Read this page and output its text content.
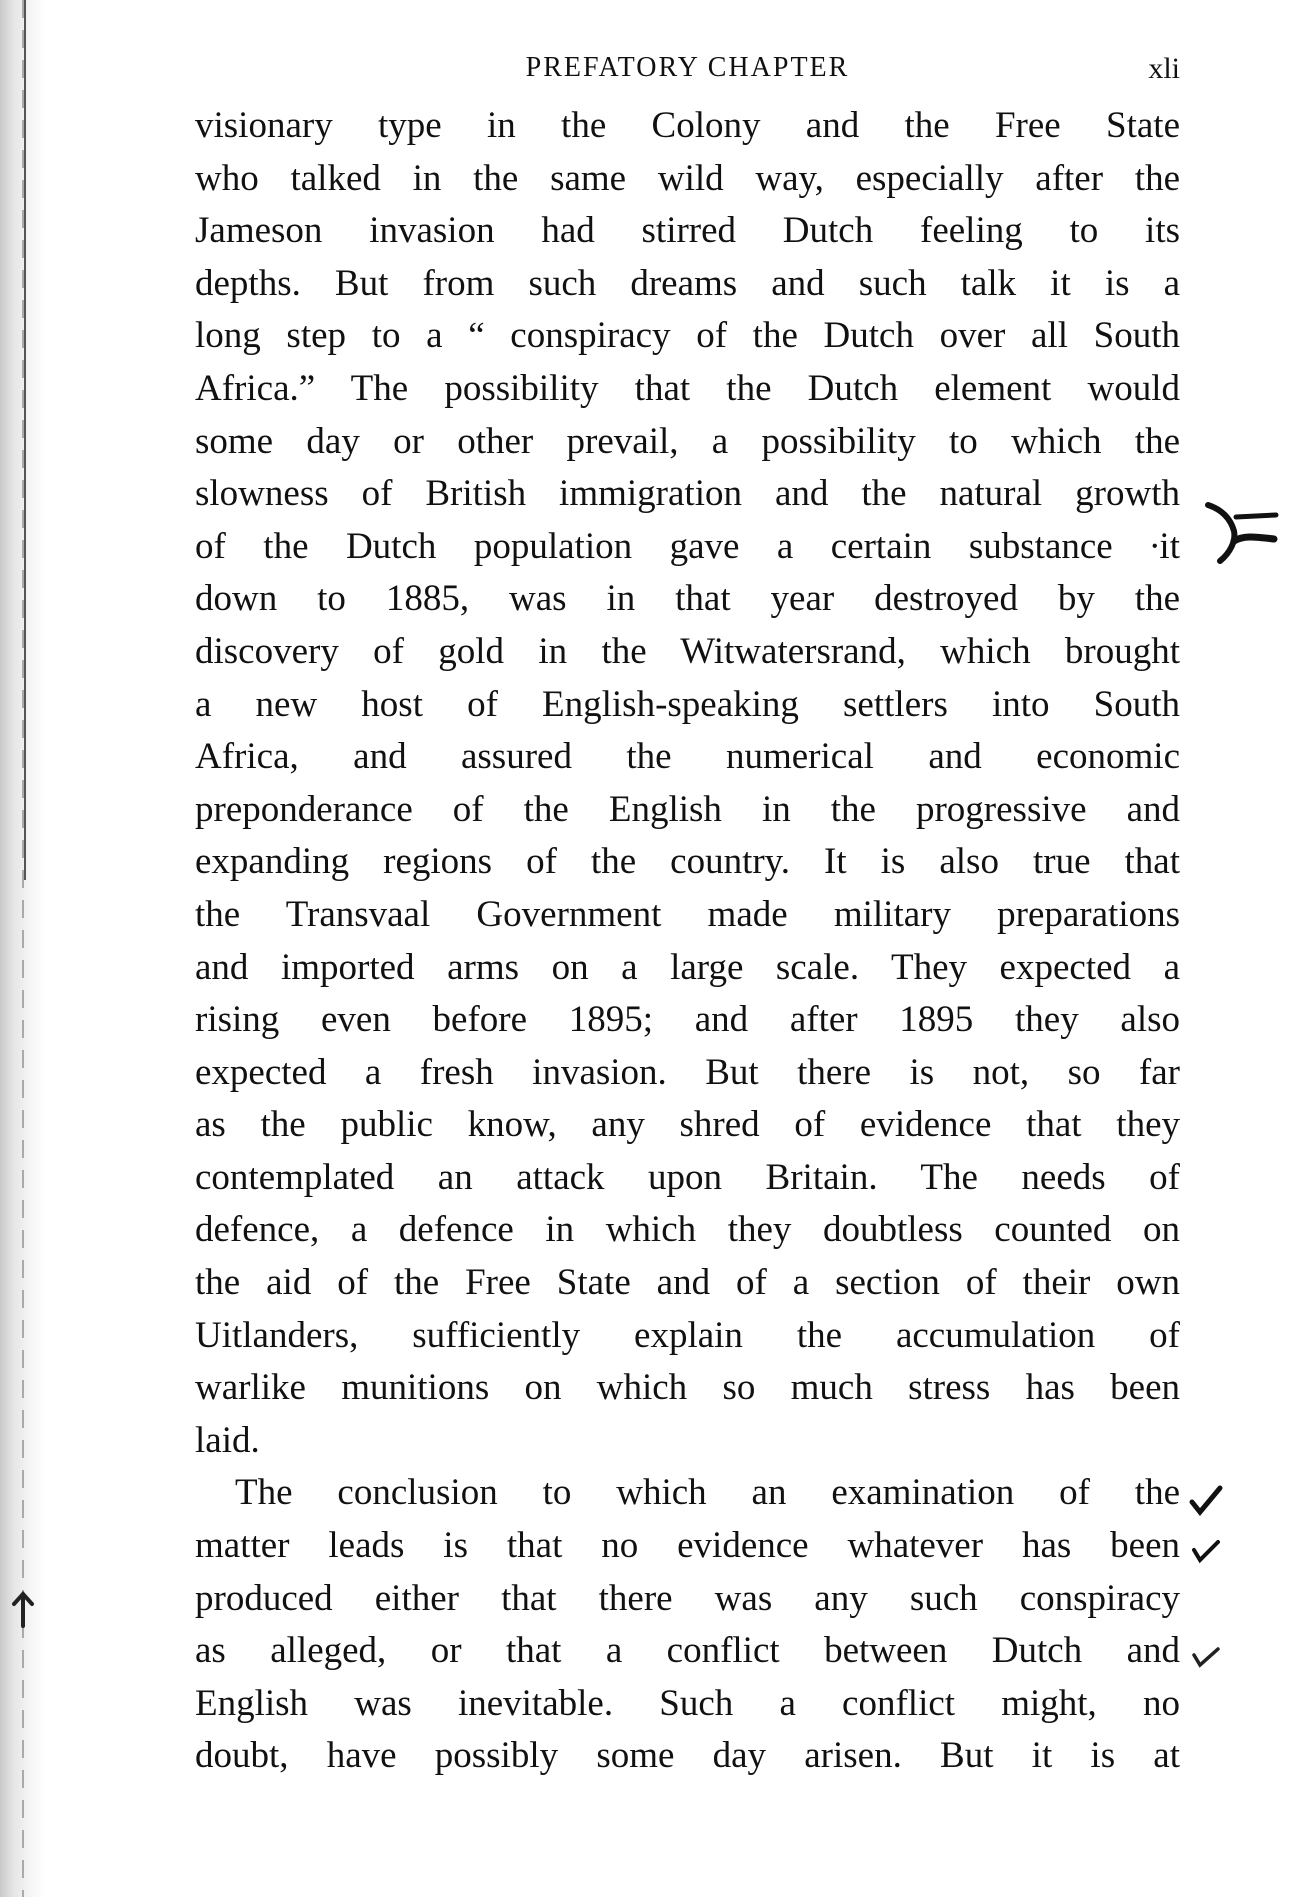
PREFATORY CHAPTER	xli
visionary type in the Colony and the Free State
who talked in the same wild way, especially after the
Jameson invasion had stirred Dutch feeling to its
depths. But from such dreams and such talk it is a
long step to a “ conspiracy of the Dutch over all South
Africa.” The possibility that the Dutch element would
some day or other prevail, a possibility to which the
slowness of British immigration and the natural growth
of the Dutch population gave a certain substance ∙it
down to 1885, was in that year destroyed by the
discovery of gold in the Witwatersrand, which brought
a new host of English-speaking settlers into South
Africa, and assured the numerical and economic
preponderance of the English in the progressive and
expanding regions of the country. It is also true that
the Transvaal Government made military preparations
and imported arms on a large scale. They expected a
rising even before 1895; and after 1895 they also
expected a fresh invasion. But there is not, so far
as the public know, any shred of evidence that they
contemplated an attack upon Britain. The needs of
defence, a defence in which they doubtless counted on
the aid of the Free State and of a section of their own
Uitlanders, sufficiently explain the accumulation of
warlike munitions on which so much stress has been
laid.
The conclusion to which an examination of the
matter leads is that no evidence whatever has been
produced either that there was any such conspiracy
as alleged, or that a conflict between Dutch and
English was inevitable. Such a conflict might, no
doubt, have possibly some day arisen. But it is at
